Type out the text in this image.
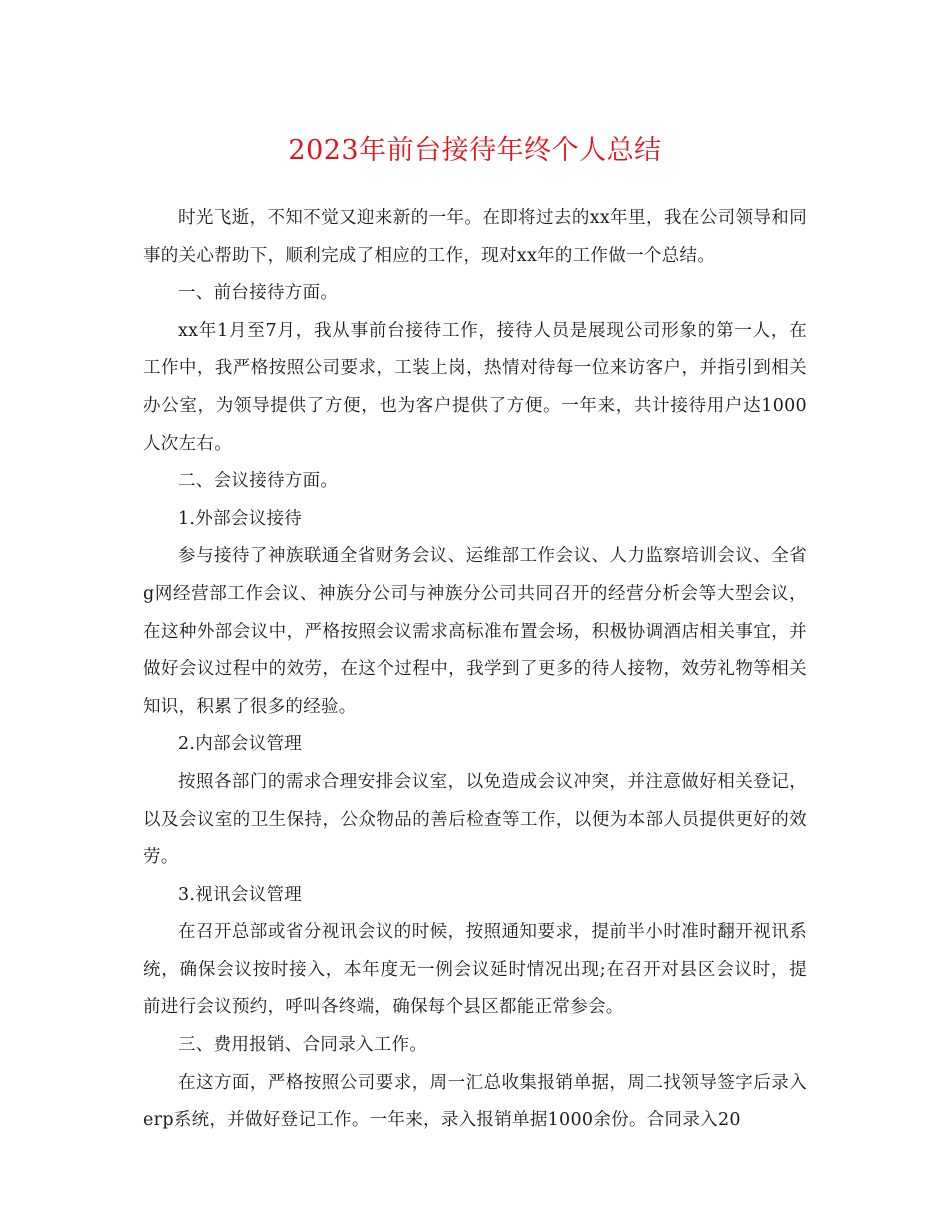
2023年前台接待年终个人总结

时光飞逝，不知不觉又迎来新的一年。在即将过去的xx年里，我在公司领导和同事的关心帮助下，顺利完成了相应的工作，现对xx年的工作做一个总结。

一、前台接待方面。

xx年1月至7月，我从事前台接待工作，接待人员是展现公司形象的第一人，在工作中，我严格按照公司要求，工装上岗，热情对待每一位来访客户，并指引到相关办公室，为领导提供了方便，也为客户提供了方便。一年来，共计接待用户达1000人次左右。

二、会议接待方面。

1.外部会议接待

参与接待了神族联通全省财务会议、运维部工作会议、人力监察培训会议、全省g网经营部工作会议、神族分公司与神族分公司共同召开的经营分析会等大型会议，在这种外部会议中，严格按照会议需求高标准布置会场，积极协调酒店相关事宜，并做好会议过程中的效劳，在这个过程中，我学到了更多的待人接物，效劳礼物等相关知识，积累了很多的经验。

2.内部会议管理

按照各部门的需求合理安排会议室，以免造成会议冲突，并注意做好相关登记，以及会议室的卫生保持，公众物品的善后检查等工作，以便为本部人员提供更好的效劳。

3.视讯会议管理

在召开总部或省分视讯会议的时候，按照通知要求，提前半小时准时翻开视讯系统，确保会议按时接入，本年度无一例会议延时情况出现;在召开对县区会议时，提前进行会议预约，呼叫各终端，确保每个县区都能正常参会。

三、费用报销、合同录入工作。

在这方面，严格按照公司要求，周一汇总收集报销单据，周二找领导签字后录入erp系统，并做好登记工作。一年来，录入报销单据1000余份。合同录入20
